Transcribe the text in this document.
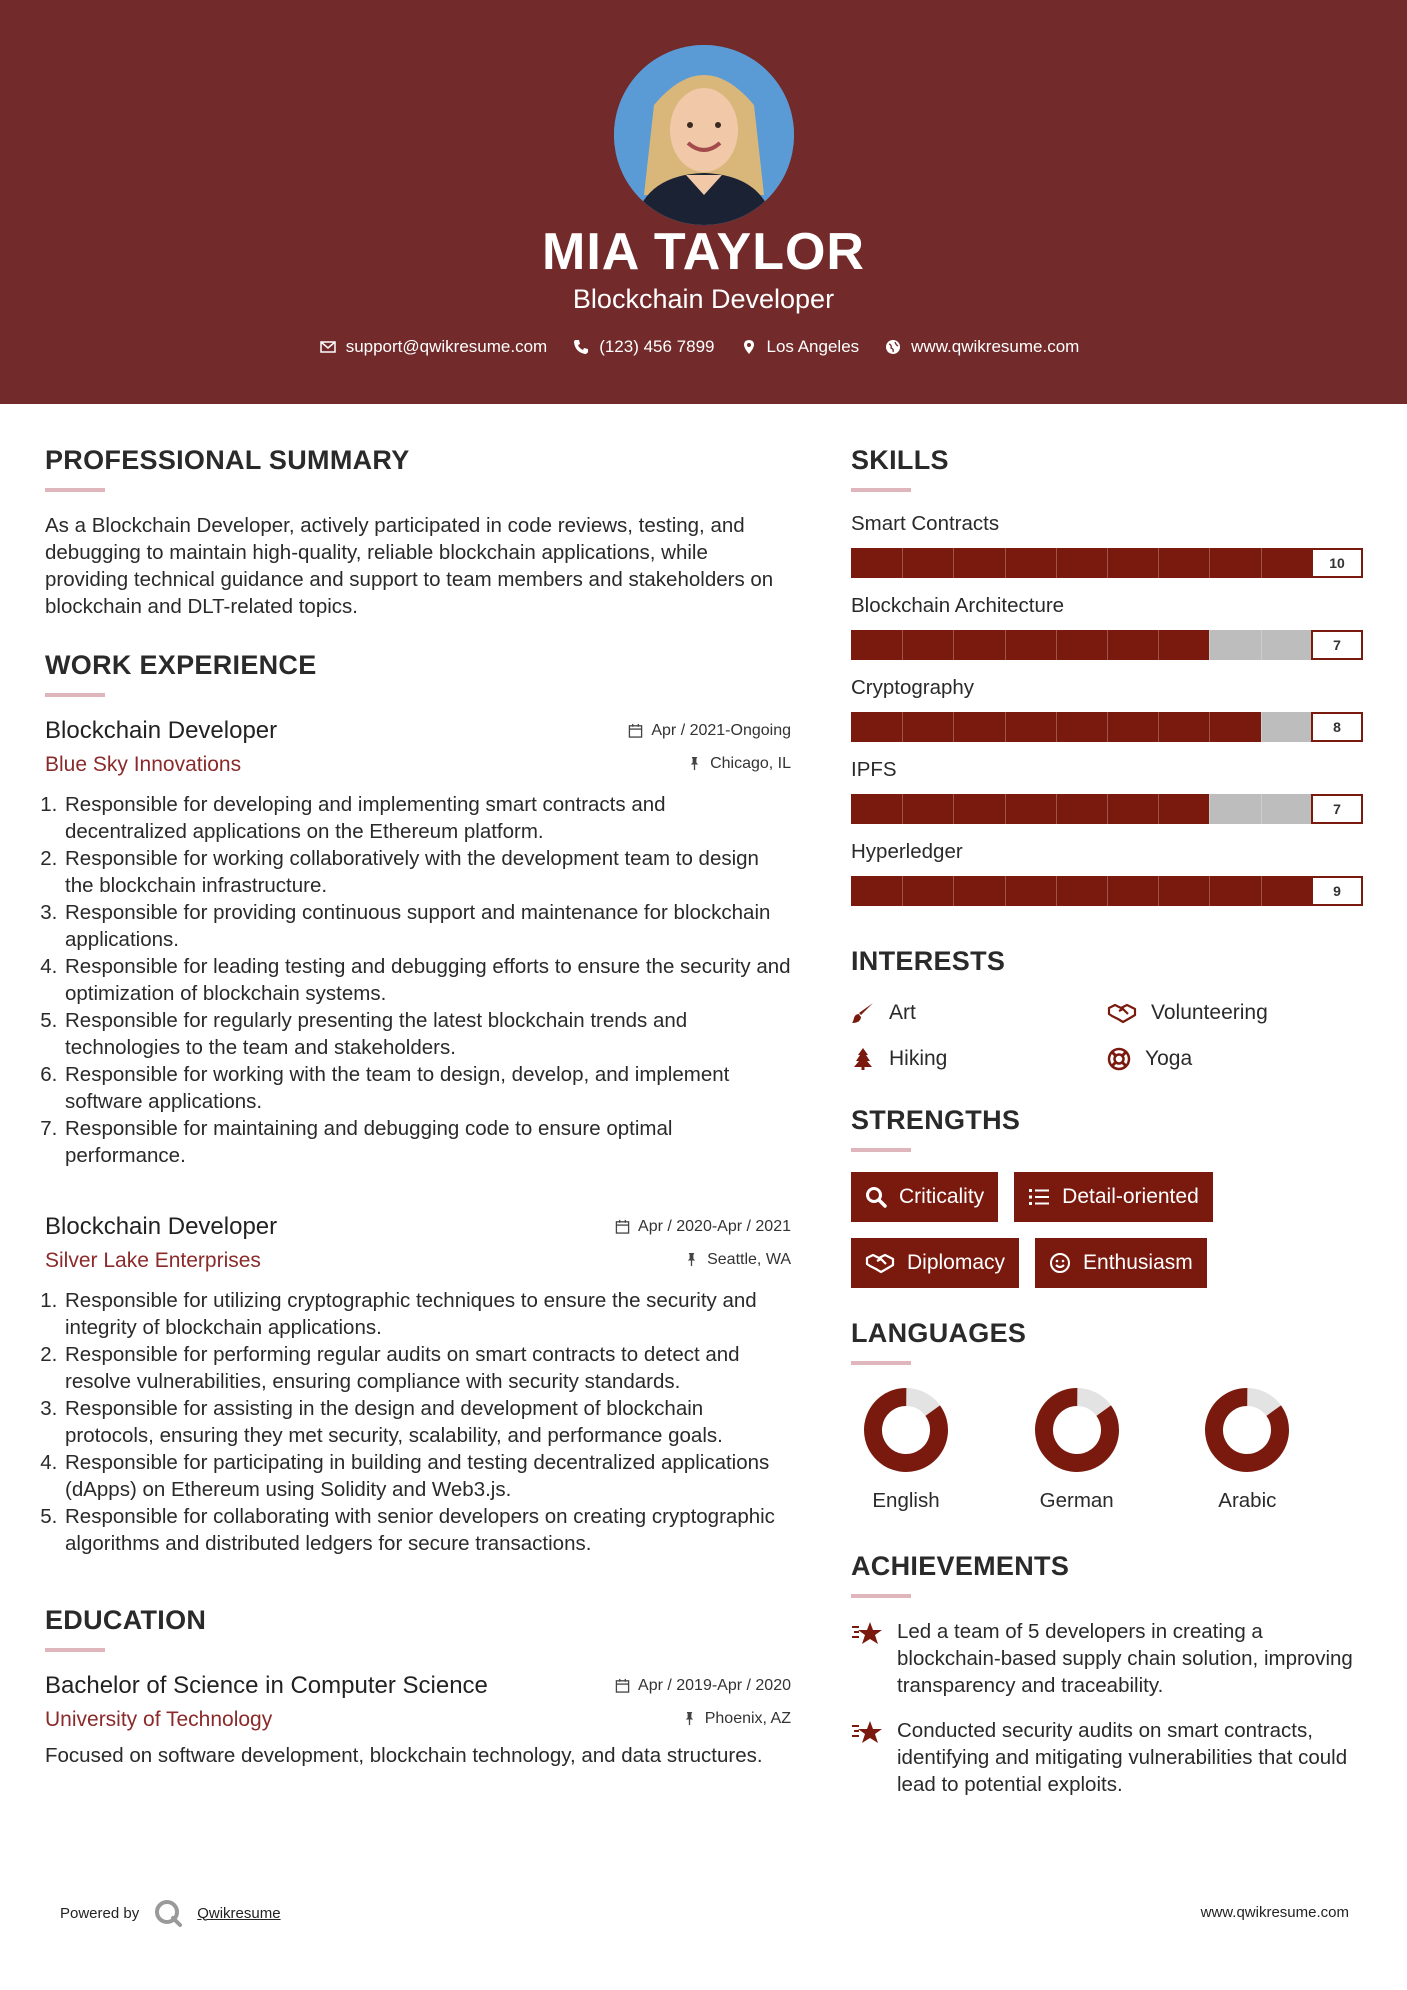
MIA TAYLOR
Blockchain Developer
support@qwikresume.com	(123) 456 7899	Los Angeles	www.qwikresume.com
PROFESSIONAL SUMMARY
As a Blockchain Developer, actively participated in code reviews, testing, and debugging to maintain high-quality, reliable blockchain applications, while providing technical guidance and support to team members and stakeholders on blockchain and DLT-related topics.
WORK EXPERIENCE
Blockchain Developer	Apr / 2021-Ongoing
Blue Sky Innovations	Chicago, IL
1. Responsible for developing and implementing smart contracts and decentralized applications on the Ethereum platform.
2. Responsible for working collaboratively with the development team to design the blockchain infrastructure.
3. Responsible for providing continuous support and maintenance for blockchain applications.
4. Responsible for leading testing and debugging efforts to ensure the security and optimization of blockchain systems.
5. Responsible for regularly presenting the latest blockchain trends and technologies to the team and stakeholders.
6. Responsible for working with the team to design, develop, and implement software applications.
7. Responsible for maintaining and debugging code to ensure optimal performance.
Blockchain Developer	Apr / 2020-Apr / 2021
Silver Lake Enterprises	Seattle, WA
1. Responsible for utilizing cryptographic techniques to ensure the security and integrity of blockchain applications.
2. Responsible for performing regular audits on smart contracts to detect and resolve vulnerabilities, ensuring compliance with security standards.
3. Responsible for assisting in the design and development of blockchain protocols, ensuring they met security, scalability, and performance goals.
4. Responsible for participating in building and testing decentralized applications (dApps) on Ethereum using Solidity and Web3.js.
5. Responsible for collaborating with senior developers on creating cryptographic algorithms and distributed ledgers for secure transactions.
EDUCATION
Bachelor of Science in Computer Science	Apr / 2019-Apr / 2020
University of Technology	Phoenix, AZ
Focused on software development, blockchain technology, and data structures.
SKILLS
Smart Contracts
10
Blockchain Architecture
7
Cryptography
8
IPFS
7
Hyperledger
9
INTERESTS
Art	Volunteering
Hiking	Yoga
STRENGTHS
Criticality	Detail-oriented
Diplomacy	Enthusiasm
LANGUAGES
English	German	Arabic
ACHIEVEMENTS
Led a team of 5 developers in creating a blockchain-based supply chain solution, improving transparency and traceability.
Conducted security audits on smart contracts, identifying and mitigating vulnerabilities that could lead to potential exploits.
Powered by	Qwikresume	www.qwikresume.com
